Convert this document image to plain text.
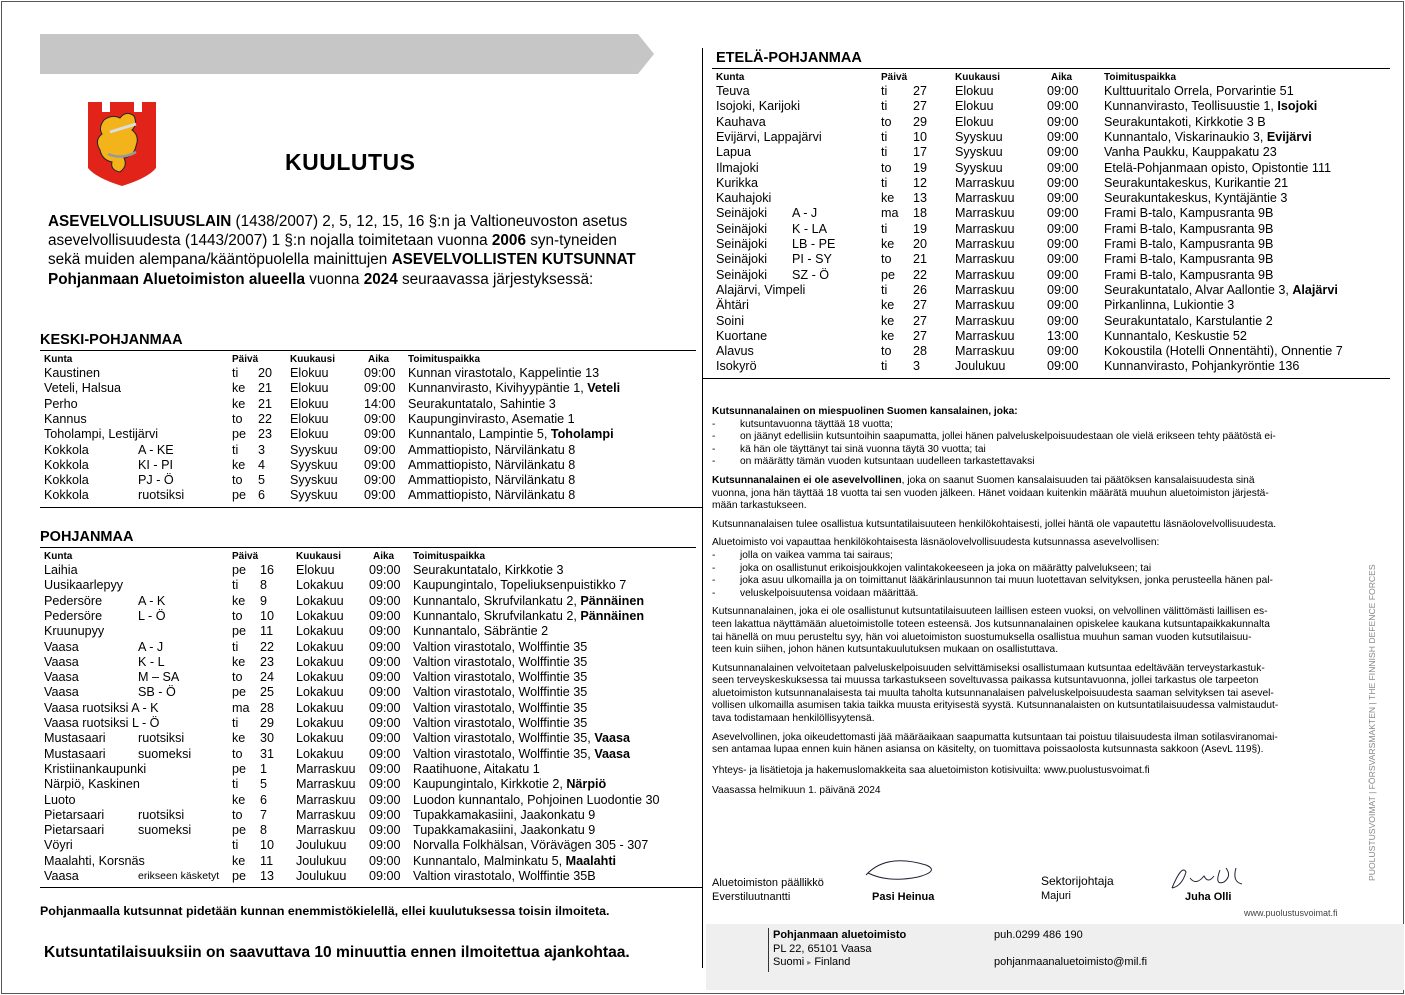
KUULUTUS
ASEVELVOLLISUUSLAIN (1438/2007) 2, 5, 12, 15, 16 §:n ja Valtioneuvoston asetus asevelvollisuudesta (1443/2007) 1 §:n nojalla toimitetaan vuonna 2006 syn-tyneiden sekä muiden alempana/kääntöpuolella mainittujen ASEVELVOLLISTEN KUTSUNNAT Pohjanmaan Aluetoimiston alueella vuonna 2024 seuraavassa järjestyksessä:
KESKI-POHJANMAA
Kunta	Päivä	Kuukausi	Aika Toimituspaikka
Kaustinen	ti 20 Elokuu	09:00 Kunnan virastotalo, Kappelintie 13
Veteli, Halsua	ke 21 Elokuu	09:00 Kunnanvirasto, Kivihyypäntie 1, Veteli
Perho	ke 21 Elokuu	14:00 Seurakuntatalo, Sahintie 3
Kannus	to 22 Elokuu	09:00 Kaupunginvirasto, Asematie 1
Toholampi, Lestijärvi	pe 23 Elokuu	09:00 Kunnantalo, Lampintie 5, Toholampi
Kokkola	A - KE	ti 3 Syyskuu 09:00 Ammattiopisto, Närvilänkatu 8
Kokkola	KI - PI	ke 4 Syyskuu 09:00 Ammattiopisto, Närvilänkatu 8
Kokkola	PJ - Ö	to 5 Syyskuu 09:00 Ammattiopisto, Närvilänkatu 8
Kokkola	ruotsiksi	pe 6 Syyskuu 09:00 Ammattiopisto, Närvilänkatu 8
POHJANMAA
Kunta	Päivä	Kuukausi	Aika Toimituspaikka
Laihia	pe 16 Elokuu	09:00 Seurakuntatalo, Kirkkotie 3
Uusikaarlepyy	ti 8 Lokakuu 09:00 Kaupungintalo, Topeliuksenpuistikko 7
Pedersöre	A - K	ke 9 Lokakuu 09:00 Kunnantalo, Skrufvilankatu 2, Pännäinen
Pedersöre	L - Ö	to 10 Lokakuu 09:00 Kunnantalo, Skrufvilankatu 2, Pännäinen
Kruunupyy	pe 11 Lokakuu 09:00 Kunnantalo, Säbräntie 2
Vaasa	A - J	ti 22 Lokakuu 09:00 Valtion virastotalo, Wolffintie 35
Vaasa	K - L	ke 23 Lokakuu 09:00 Valtion virastotalo, Wolffintie 35
Vaasa	M – SA	to 24 Lokakuu 09:00 Valtion virastotalo, Wolffintie 35
Vaasa	SB - Ö	pe 25 Lokakuu 09:00 Valtion virastotalo, Wolffintie 35
Vaasa ruotsiksi A - K	ma 28 Lokakuu 09:00 Valtion virastotalo, Wolffintie 35
Vaasa ruotsiksi L - Ö	ti 29 Lokakuu 09:00 Valtion virastotalo, Wolffintie 35
Mustasaari	ruotsiksi	ke 30 Lokakuu 09:00 Valtion virastotalo, Wolffintie 35, Vaasa
Mustasaari	suomeksi	to 31 Lokakuu 09:00 Valtion virastotalo, Wolffintie 35, Vaasa
Kristiinankaupunki	pe 1 Marraskuu 09:00 Raatihuone, Aitakatu 1
Närpiö, Kaskinen	ti 5 Marraskuu 09:00 Kaupungintalo, Kirkkotie 2, Närpiö
Luoto	ke 6 Marraskuu 09:00 Luodon kunnantalo, Pohjoinen Luodontie 30
Pietarsaari	ruotsiksi	to 7 Marraskuu 09:00 Tupakkamakasiini, Jaakonkatu 9
Pietarsaari	suomeksi	pe 8 Marraskuu 09:00 Tupakkamakasiini, Jaakonkatu 9
Vöyri	ti 10 Joulukuu 09:00 Norvalla Folkhälsan, Vörävägen 305 - 307
Maalahti, Korsnäs	ke 11 Joulukuu 09:00 Kunnantalo, Malminkatu 5, Maalahti
Vaasa	erikseen käsketyt pe 13 Joulukuu 09:00 Valtion virastotalo, Wolffintie 35B
ETELÄ-POHJANMAA
Kunta	Päivä	Kuukausi	Aika	Toimituspaikka
Teuva	ti 27 Elokuu	09:00 Kulttuuritalo Orrela, Porvarintie 51
Isojoki, Karijoki	ti 27 Elokuu	09:00 Kunnanvirasto, Teollisuustie 1, Isojoki
Kauhava	to 29 Elokuu	09:00 Seurakuntakoti, Kirkkotie 3 B
Evijärvi, Lappajärvi	ti 10 Syyskuu	09:00 Kunnantalo, Viskarinaukio 3, Evijärvi
Lapua	ti 17 Syyskuu	09:00 Vanha Paukku, Kauppakatu 23
Ilmajoki	to 19 Syyskuu	09:00 Etelä-Pohjanmaan opisto, Opistontie 111
Kurikka	ti 12 Marraskuu	09:00 Seurakuntakeskus, Kurikantie 21
Kauhajoki	ke 13 Marraskuu	09:00 Seurakuntakeskus, Kyntäjäntie 3
Seinäjoki A - J	ma 18 Marraskuu	09:00 Frami B-talo, Kampusranta 9B
Seinäjoki K - LA	ti 19 Marraskuu	09:00 Frami B-talo, Kampusranta 9B
Seinäjoki LB - PE	ke 20 Marraskuu	09:00 Frami B-talo, Kampusranta 9B
Seinäjoki PI - SY	to 21 Marraskuu	09:00 Frami B-talo, Kampusranta 9B
Seinäjoki SZ - Ö	pe 22 Marraskuu	09:00 Frami B-talo, Kampusranta 9B
Alajärvi, Vimpeli	ti 26 Marraskuu	09:00 Seurakuntatalo, Alvar Aallontie 3, Alajärvi
Ähtäri	ke 27 Marraskuu	09:00 Pirkanlinna, Lukiontie 3
Soini	ke 27 Marraskuu	09:00 Seurakuntatalo, Karstulantie 2
Kuortane	ke 27 Marraskuu	13:00 Kunnantalo, Keskustie 52
Alavus	to 28 Marraskuu	09:00 Kokoustila (Hotelli Onnentähti), Onnentie 7
Isokyrö	ti 3	Joulukuu	09:00 Kunnanvirasto, Pohjankyröntie 136

Kutsunnanalainen on miespuolinen Suomen kansalainen, joka:

-	kutsuntavuonna täyttää 18 vuotta;
-	on jäänyt edellisiin kutsuntoihin saapumatta, jollei hänen palveluskelpoisuudestaan ole vielä erikseen tehty päätöstä ei-
-	kä hän ole täyttänyt tai sinä vuonna täytä 30 vuotta; tai
-	on määrätty tämän vuoden kutsuntaan uudelleen tarkastettavaksi

Kutsunnanalainen ei ole asevelvollinen, joka on saanut Suomen kansalaisuuden tai päätöksen kansalaisuudesta sinä
vuonna, jona hän täyttää 18 vuotta tai sen vuoden jälkeen. Hänet voidaan kuitenkin määrätä muuhun aluetoimiston järjestä-
mään tarkastukseen.

Kutsunnanalaisen tulee osallistua kutsuntatilaisuuteen henkilökohtaisesti, jollei häntä ole vapautettu läsnäolovelvollisuudesta.

Aluetoimisto voi vapauttaa henkilökohtaisesta läsnäolovelvollisuudesta kutsunnassa asevelvollisen:

-	jolla on vaikea vamma tai sairaus;
-	joka on osallistunut erikoisjoukkojen valintakokeeseen ja joka on määrätty palvelukseen; tai
-	joka asuu ulkomailla ja on toimittanut lääkärinlausunnon tai muun luotettavan selvityksen, jonka perusteella hänen pal-
-	veluskelpoisuutensa voidaan määrittää.

Kutsunnanalainen, joka ei ole osallistunut kutsuntatilaisuuteen laillisen esteen vuoksi, on velvollinen välittömästi laillisen es-
teen lakattua näyttämään aluetoimistolle toteen esteensä. Jos kutsunnanalainen opiskelee kaukana kutsuntapaikkakunnalta
tai hänellä on muu perusteltu syy, hän voi aluetoimiston suostumuksella osallistua muuhun saman vuoden kutsutilaisuu-
teen kuin siihen, johon hänen kutsuntakuulutuksen mukaan on osallistuttava.

Kutsunnanalainen velvoitetaan palveluskelpoisuuden selvittämiseksi osallistumaan kutsuntaa edeltävään terveystarkastuk-
seen terveyskeskuksessa tai muussa tarkastukseen soveltuvassa paikassa kutsuntavuonna, jollei tarkastus ole tarpeeton
aluetoimiston kutsunnanalaisesta tai muulta taholta kutsunnanalaisen palveluskelpoisuudesta saaman selvityksen tai asevel-
vollisen ulkomailla asumisen takia taikka muusta erityisestä syystä. Kutsunnanalaisten on kutsuntatilaisuudessa valmistaudut-
tava todistamaan henkilöllisyytensä.

Asevelvollinen, joka oikeudettomasti jää määräaikaan saapumatta kutsuntaan tai poistuu tilaisuudesta ilman sotilasviranomai-
sen antamaa lupaa ennen kuin hänen asiansa on käsitelty, on tuomittava poissaolosta kutsunnasta sakkoon (AsevL 119§).

Yhteys- ja lisätietoja ja hakemuslomakkeita saa aluetoimiston kotisivuilta: www.puolustusvoimat.fi

Vaasassa helmikuun 1. päivänä 2024

Aluetoimiston päällikkö
Everstiluutnantti	Pasi Heinua
Sektorijohtaja
Majuri	Juha Olli
Pohjanmaalla kutsunnat pidetään kunnan enemmistökielellä, ellei kuulutuksessa toisin ilmoiteta.
Kutsuntatilaisuuksiin on saavuttava 10 minuuttia ennen ilmoitettua ajankohtaa.
PUOLUSTUSVOIMAT | FÖRSVARSMAKTEN | THE FINNISH DEFENCE FORCES
www.puolustusvoimat.fi
Pohjanmaan aluetoimisto
PL 22, 65101 Vaasa
Suomi ▸ Finland
puh.0299 486 190
pohjanmaanaluetoimisto@mil.fi
